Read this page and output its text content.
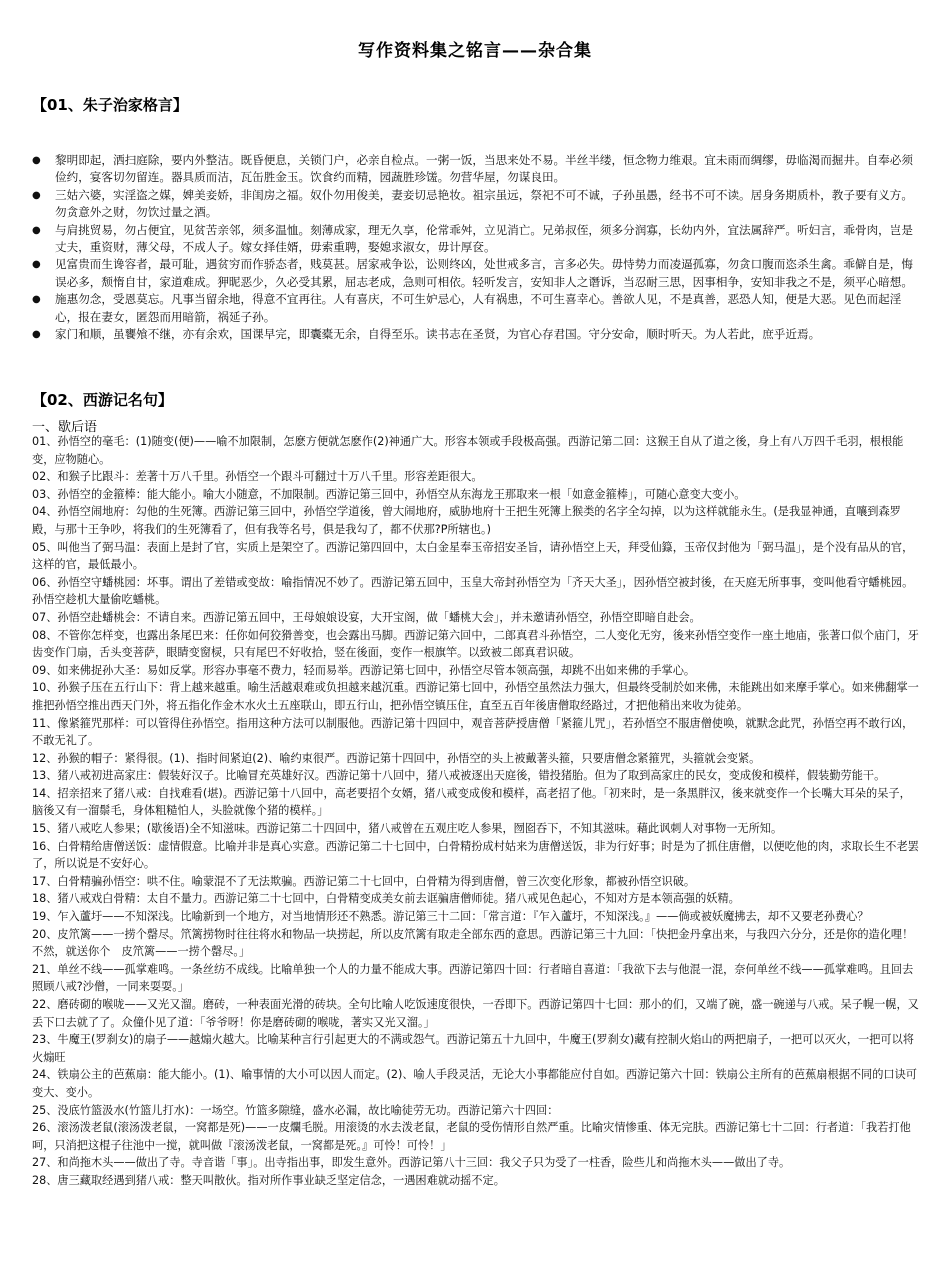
写作资料集之铭言——杂合集
【01、朱子治家格言】
● 黎明即起，洒扫庭除，要内外整洁。既昏便息，关锁门户，必亲自检点。一粥一饭，当思来处不易。半丝半缕，恒念物力维艰。宜未雨而绸缪，毋临渴而掘井。自奉必须俭约，宴客切勿留连。器具质而洁，瓦缶胜金玉。饮食约而精，园蔬胜珍馐。勿营华屋，勿谋良田。
● 三姑六婆，实淫盗之媒，婢美妾娇，非闺房之福。奴仆勿用俊美，妻妾切忌艳妆。祖宗虽远，祭祀不可不诚，子孙虽愚，经书不可不读。居身务期质朴，教子要有义方。勿贪意外之财，勿饮过量之酒。
● 与肩挑贸易，勿占便宜，见贫苦亲邻，须多温恤。刻薄成家，理无久享，伦常乖舛，立见消亡。兄弟叔侄，须多分润寡，长幼内外，宜法属辞严。听妇言，乖骨肉，岂是丈夫，重资财，薄父母，不成人子。嫁女择佳婿，毋索重聘，娶媳求淑女，毋计厚奁。
● 见富贵而生谗容者，最可耻，遇贫穷而作骄态者，贱莫甚。居家戒争讼，讼则终凶，处世戒多言，言多必失。毋恃势力而凌逼孤寡，勿贪口腹而恣杀生禽。乖僻自是，悔误必多，颓惰自甘，家道难成。狎昵恶少，久必受其累，屈志老成，急则可相依。轻听发言，安知非人之谮诉，当忍耐三思，因事相争，安知非我之不是，须平心暗想。
● 施惠勿念，受恩莫忘。凡事当留余地，得意不宜再往。人有喜庆，不可生妒忌心，人有祸患，不可生喜幸心。善欲人见，不是真善，恶恐人知，便是大恶。见色而起淫心，报在妻女，匿怨而用暗箭，祸延子孙。
● 家门和顺，虽饔飧不继，亦有余欢，国课早完，即囊橐无余，自得至乐。读书志在圣贤，为官心存君国。守分安命，顺时听天。为人若此，庶乎近焉。
【02、西游记名句】
一、歇后语
01、孙悟空的毫毛：(1)随变(便)——喻不加限制，怎麽方便就怎麽作(2)神通广大。形容本领或手段极高强。西游记第二回：这猴王自从了道之後，身上有八万四千毛羽，根根能变，应物随心。
02、和猴子比跟斗：差著十万八千里。孙悟空一个跟斗可翻过十万八千里。形容差距很大。
03、孙悟空的金箍棒：能大能小。喻大小随意，不加限制。西游记第三回中，孙悟空从东海龙王那取来一根「如意金箍棒」，可随心意变大变小。
04、孙悟空闹地府：勾他的生死簿。西游记第三回中，孙悟空学道後，曾大闹地府，威胁地府十王把生死簿上猴类的名字全勾掉，以为这样就能永生。(是我显神通，直嚷到森罗殿，与那十王争吵，将我们的生死簿看了，但有我等名号，俱是我勾了，都不伏那?P所辖也。)
05、叫他当了弼马温：表面上是封了官，实质上是架空了。西游记第四回中，太白金星奉玉帝招安圣旨，请孙悟空上天，拜受仙籙，玉帝仅封他为「弼马温」，是个没有品从的官，这样的官，最低最小。
06、孙悟空守蟠桃园：坏事。谓出了差错或变故：喻指情况不妙了。西游记第五回中，玉皇大帝封孙悟空为「齐天大圣」，因孙悟空被封後，在天庭无所事事，变叫他看守蟠桃园。孙悟空趁机大量偷吃蟠桃。
07、孙悟空赴蟠桃会：不请自来。西游记第五回中，王母娘娘设宴，大开宝阁，做「蟠桃大会」，并未邀请孙悟空，孙悟空即暗自赴会。
08、不管你怎样变，也露出条尾巴来：任你如何狡猾善变，也会露出马脚。西游记第六回中，二郎真君斗孙悟空，二人变化无穷，後来孙悟空变作一座土地庙，张著口似个庙门，牙齿变作门扇，舌头变菩萨，眼睛变窗棂，只有尾巴不好收拾，竖在後面，变作一根旗竿。以致被二郎真君识破。
09、如来佛捉孙大圣：易如反掌。形容办事毫不费力，轻而易举。西游记第七回中，孙悟空尽管本领高强，却跳不出如来佛的手掌心。
10、孙猴子压在五行山下：背上越来越重。喻生活越艰难或负担越来越沉重。西游记第七回中，孙悟空虽然法力强大，但最终受制於如来佛，未能跳出如来摩手掌心。如来佛翻掌一推把孙悟空推出西天门外，将五指化作金木水火土五座联山，即五行山，把孙悟空镇压住，直至五百年後唐僧取经路过，才把他稍出来收为徒弟。
11、像紧箍咒那样：可以管得住孙悟空。指用这种方法可以制服他。西游记第十四回中，观音菩萨授唐僧「紧箍儿咒」，若孙悟空不服唐僧使唤，就默念此咒，孙悟空再不敢行凶，不敢无礼了。
12、孙猴的帽子：紧得很。(1)、指时间紧迫(2)、喻约束很严。西游记第十四回中，孙悟空的头上被戴著头箍，只要唐僧念紧箍咒，头箍就会变紧。
13、猪八戒初进高家庄：假装好汉子。比喻冒充英雄好汉。西游记第十八回中，猪八戒被逐出天庭後，错投猪胎。但为了取到高家庄的民女，变成俊和模样，假装勤劳能干。
14、招亲招来了猪八戒：自找难看(堪)。西游记第十八回中，高老要招个女婿，猪八戒变成俊和模样，高老招了他。「初来时，是一条黑胖汉，後来就变作一个长嘴大耳朵的呆子，脑後又有一溜鬃毛，身体粗糙怕人，头脸就像个猪的模样。」
15、猪八戒吃人参果；(歇後语)全不知滋味。西游记第二十四回中，猪八戒曾在五观庄吃人参果，囫囵吞下，不知其滋味。藉此讽刺人对事物一无所知。
16、白骨精给唐僧送饭：虚情假意。比喻并非是真心实意。西游记第二十七回中，白骨精扮成村姑来为唐僧送饭，非为行好事；时是为了抓住唐僧，以便吃他的肉，求取长生不老罢了，所以说是不安好心。
17、白骨精骗孙悟空：哄不住。喻蒙混不了无法欺骗。西游记第二十七回中，白骨精为得到唐僧，曾三次变化形象，都被孙悟空识破。
18、猪八戒戏白骨精：太自不量力。西游记第二十七回中，白骨精变成美女前去诓骗唐僧师徒。猪八戒见色起心，不知对方是本领高强的妖精。
19、乍入蘆圩——不知深浅。比喻新到一个地方，对当地情形还不熟悉。游记第三十二回：「常言道：『乍入蘆圩，不知深浅。』——倘或被妖魔拂去，却不又要老孙费心？
20、皮笊篱——一捞个罄尽。笊篱捞物时往往将水和物品一块捞起，所以皮笊篱有取走全部东西的意思。西游记第三十九回：「快把金丹拿出来，与我四六分分，还是你的造化哩！不然，就送你个　皮笊篱——一捞个罄尽。」
21、单丝不线——孤掌难鸣。一条丝纺不成线。比喻单独一个人的力量不能成大事。西游记第四十回：行者暗自喜道：「我欲下去与他混一混，奈何单丝不线——孤掌难鸣。且回去照顾八戒?沙僧，一同来耍耍。」
22、磨砖砌的喉咙——又光又溜。磨砖，一种表面光滑的砖块。全句比喻人吃饭速度很快，一吞即下。西游记第四十七回：那小的们，又端了碗，盛一碗递与八戒。呆子幌一幌，又丢下口去就了了。众僮仆见了道：「爷爷呀！你是磨砖砌的喉咙，著实又光又溜。」
23、牛魔王(罗刹女)的扇子——越煽火越大。比喻某种言行引起更大的不满或怨气。西游记第五十九回中，牛魔王(罗刹女)藏有控制火焰山的两把扇子，一把可以灭火，一把可以将火煽旺
24、铁扇公主的芭蕉扇：能大能小。(1)、喻事情的大小可以因人而定。(2)、喻人手段灵活，无论大小事都能应付自如。西游记第六十回：铁扇公主所有的芭蕉扇根据不同的口诀可变大、变小。
25、没底竹篮汲水(竹篮儿打水)：一场空。竹篮多隙缝，盛水必漏，故比喻徒劳无功。西游记第六十四回：
26、滚汤泼老鼠(滚汤泼老鼠，一窝都是死)——一皮爛毛脱。用滚烫的水去泼老鼠，老鼠的受伤情形自然严重。比喻灾情惨重、体无完肤。西游记第七十二回：行者道：「我若打他呵，只消把这棍子往池中一搅，就叫做『滚汤泼老鼠，一窝都是死。』可怜！可怜！」
27、和尚拖木头——做出了寺。寺音谐「事」。出寺指出事，即发生意外。西游记第八十三回：我父子只为受了一柱香，险些儿和尚拖木头——做出了寺。
28、唐三藏取经遇到猪八戒：整天叫散伙。指对所作事业缺乏坚定信念，一遇困难就动摇不定。
